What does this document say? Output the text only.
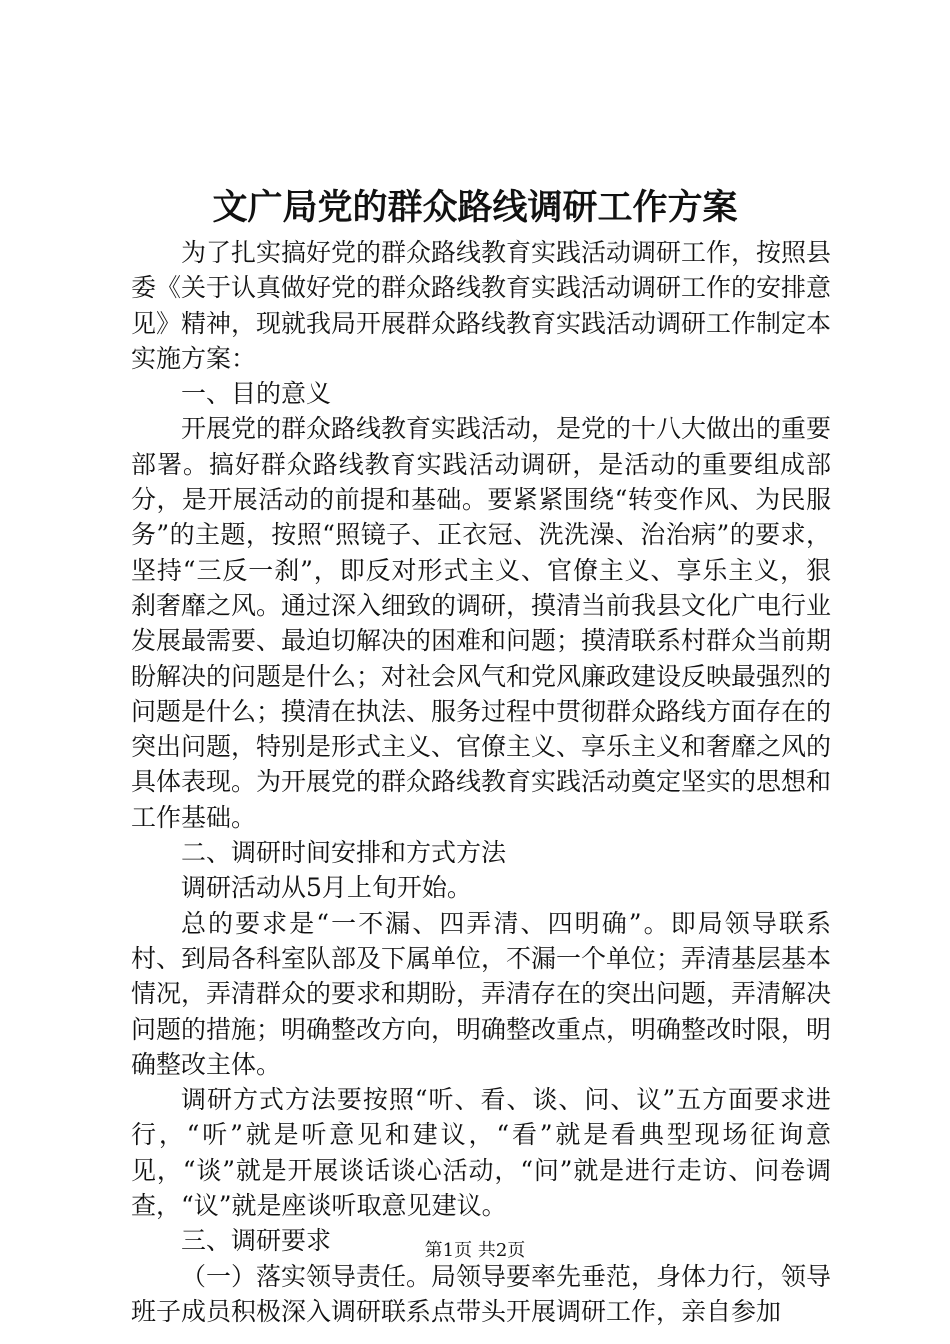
文广局党的群众路线调研工作方案

为了扎实搞好党的群众路线教育实践活动调研工作，按照县委《关于认真做好党的群众路线教育实践活动调研工作的安排意见》精神，现就我局开展群众路线教育实践活动调研工作制定本实施方案：

一、目的意义

开展党的群众路线教育实践活动，是党的十八大做出的重要部署。搞好群众路线教育实践活动调研，是活动的重要组成部分，是开展活动的前提和基础。要紧紧围绕“转变作风、为民服务”的主题，按照“照镜子、正衣冠、洗洗澡、治治病”的要求，坚持“三反一刹”，即反对形式主义、官僚主义、享乐主义，狠刹奢靡之风。通过深入细致的调研，摸清当前我县文化广电行业发展最需要、最迫切解决的困难和问题；摸清联系村群众当前期盼解决的问题是什么；对社会风气和党风廉政建设反映最强烈的问题是什么；摸清在执法、服务过程中贯彻群众路线方面存在的突出问题，特别是形式主义、官僚主义、享乐主义和奢靡之风的具体表现。为开展党的群众路线教育实践活动奠定坚实的思想和工作基础。

二、调研时间安排和方式方法

调研活动从5月上旬开始。

总的要求是“一不漏、四弄清、四明确”。即局领导联系村、到局各科室队部及下属单位，不漏一个单位；弄清基层基本情况，弄清群众的要求和期盼，弄清存在的突出问题，弄清解决问题的措施；明确整改方向，明确整改重点，明确整改时限，明确整改主体。

调研方式方法要按照“听、看、谈、问、议”五方面要求进行，“听”就是听意见和建议，“看”就是看典型现场征询意见，“谈”就是开展谈话谈心活动，“问”就是进行走访、问卷调查，“议”就是座谈听取意见建议。

三、调研要求

（一）落实领导责任。局领导要率先垂范，身体力行，领导班子成员积极深入调研联系点带头开展调研工作，亲自参加

第1页 共2页
